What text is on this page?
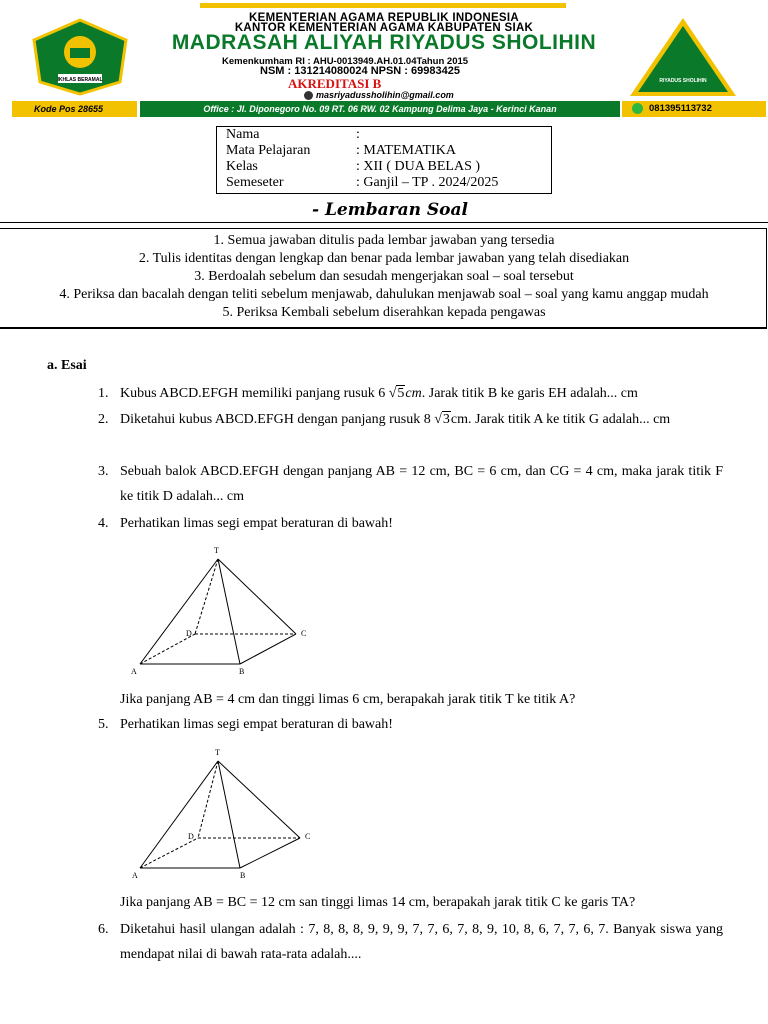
IKHLAS BERAMAL

KEMENTERIAN AGAMA REPUBLIK INDONESIA

KANTOR KEMENTERIAN AGAMA KABUPATEN SIAK

MADRASAH ALIYAH RIYADUS SHOLIHIN

Kemenkumham RI : AHU-0013949.AH.01.04Tahun 2015

NSM : 131214080024 NPSN : 69983425

AKREDITASI B

masriyadussholihin@gmail.com
RIYADUS SHOLIHIN
Kode Pos 28655	Office : Jl. Diponegoro No. 09 RT. 06 RW. 02 Kampung Delima Jaya - Kerinci Kanan	081395113732
Nama	:
Mata Pelajaran	: MATEMATIKA
Kelas	: XII ( DUA BELAS )
Semeseter	: Ganjil – TP . 2024/2025
- Lembaran Soal
1. Semua jawaban ditulis pada lembar jawaban yang tersedia
2. Tulis identitas dengan lengkap dan benar pada lembar jawaban yang telah disediakan
3. Berdoalah sebelum dan sesudah mengerjakan soal – soal tersebut
4. Periksa dan bacalah dengan teliti sebelum menjawab, dahulukan menjawab soal – soal yang kamu anggap mudah
5. Periksa Kembali sebelum diserahkan kepada pengawas
a. Esai
1. Kubus ABCD.EFGH memiliki panjang rusuk 6 √5cm. Jarak titik B ke garis EH adalah... cm
2. Diketahui kubus ABCD.EFGH dengan panjang rusuk 8 √3cm. Jarak titik A ke titik G adalah... cm
3. Sebuah balok ABCD.EFGH dengan panjang AB = 12 cm, BC = 6 cm, dan CG = 4 cm, maka jarak titik F ke titik D adalah... cm
4. Perhatikan limas segi empat beraturan di bawah!
T
A	B
C
D
Jika panjang AB = 4 cm dan tinggi limas 6 cm, berapakah jarak titik T ke titik A?
5. Perhatikan limas segi empat beraturan di bawah!
T
A	B
C
D
Jika panjang AB = BC = 12 cm san tinggi limas 14 cm, berapakah jarak titik C ke garis TA?
6. Diketahui hasil ulangan adalah : 7, 8, 8, 8, 9, 9, 9, 7, 7, 6, 7, 8, 9, 10, 8, 6, 7, 7, 6, 7. Banyak siswa yang mendapat nilai di bawah rata-rata adalah....
